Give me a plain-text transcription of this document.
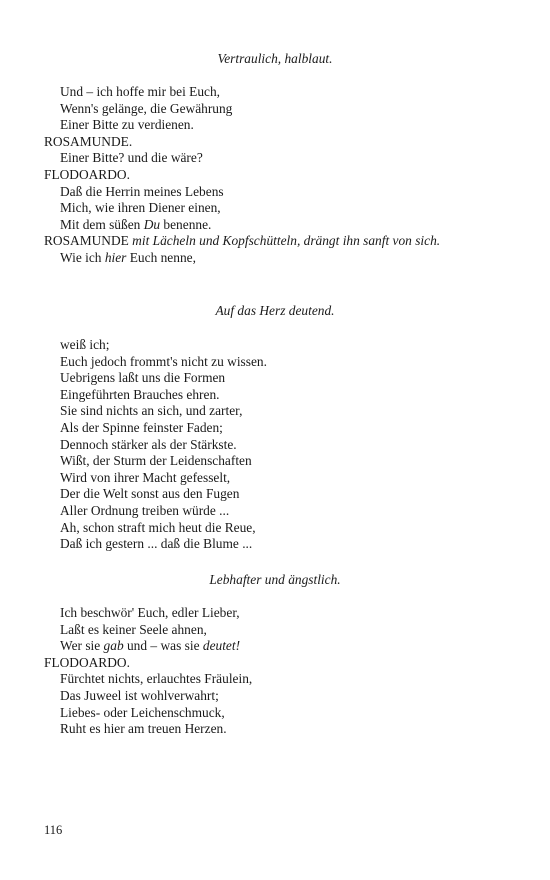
Vertraulich, halblaut.
Und – ich hoffe mir bei Euch,
Wenn's gelänge, die Gewährung
Einer Bitte zu verdienen.
ROSAMUNDE.
Einer Bitte? und die wäre?
FLODOARDO.
Daß die Herrin meines Lebens
Mich, wie ihren Diener einen,
Mit dem süßen Du benenne.
ROSAMUNDE mit Lächeln und Kopfschütteln, drängt ihn sanft von sich.
Wie ich hier Euch nenne,
Auf das Herz deutend.
weiß ich;
Euch jedoch frommt's nicht zu wissen.
Uebrigens laßt uns die Formen
Eingeführten Brauches ehren.
Sie sind nichts an sich, und zarter,
Als der Spinne feinster Faden;
Dennoch stärker als der Stärkste.
Wißt, der Sturm der Leidenschaften
Wird von ihrer Macht gefesselt,
Der die Welt sonst aus den Fugen
Aller Ordnung treiben würde ...
Ah, schon straft mich heut die Reue,
Daß ich gestern ... daß die Blume ...
Lebhafter und ängstlich.
Ich beschwör' Euch, edler Lieber,
Laßt es keiner Seele ahnen,
Wer sie gab und – was sie deutet!
FLODOARDO.
Fürchtet nichts, erlauchtes Fräulein,
Das Juweel ist wohlverwahrt;
Liebes- oder Leichenschmuck,
Ruht es hier am treuen Herzen.
116
